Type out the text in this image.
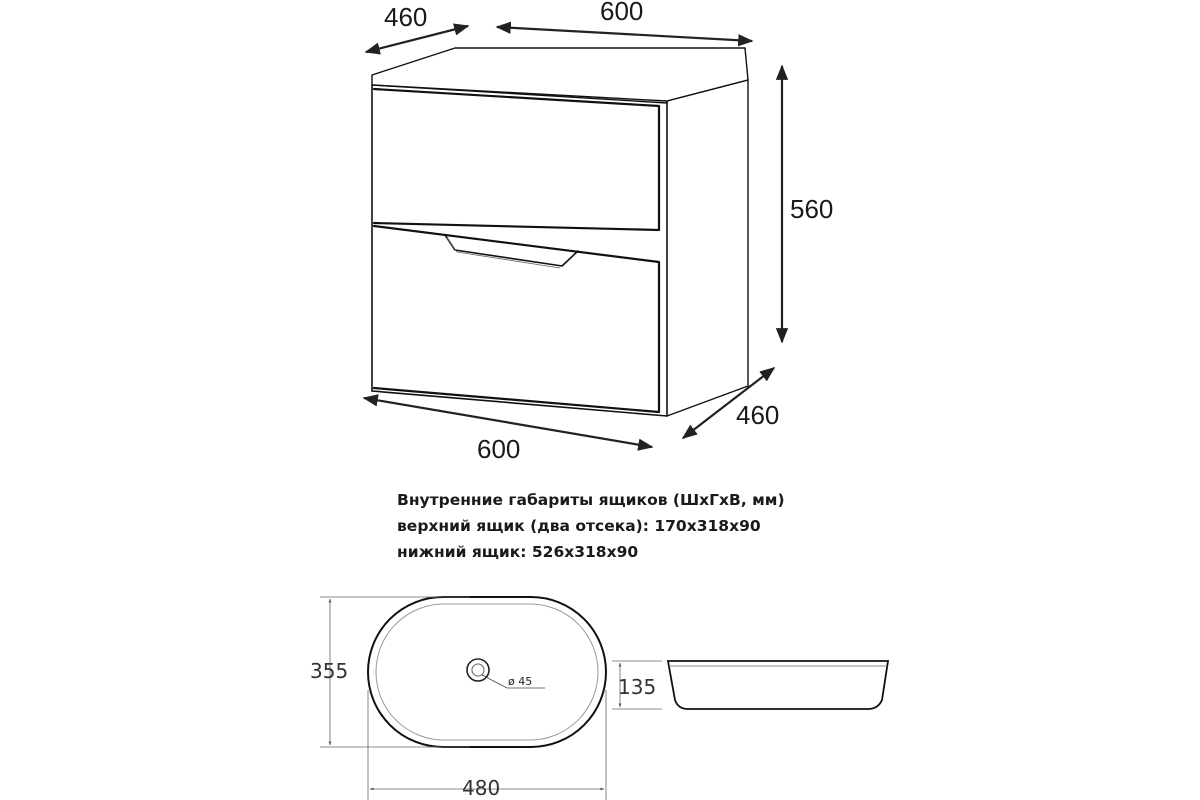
460	600
560
460
600
ø 45
355
480
135
Внутренние габариты ящиков (ШхГхВ, мм)
верхний ящик (два отсека): 170х318х90
нижний ящик: 526х318х90
